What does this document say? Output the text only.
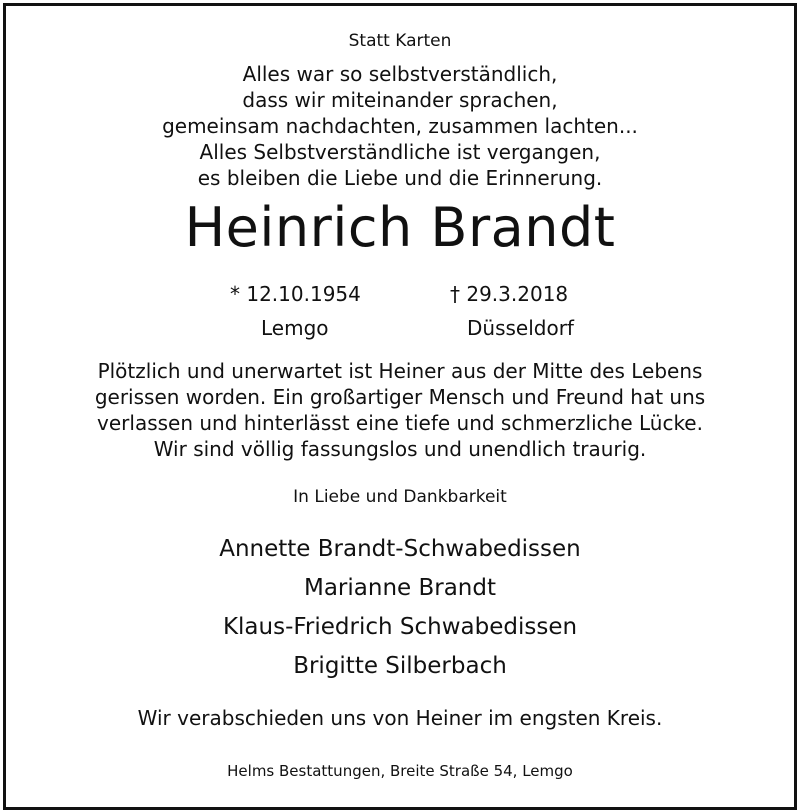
Statt Karten
Alles war so selbstverständlich,
dass wir miteinander sprachen,
gemeinsam nachdachten, zusammen lachten...
Alles Selbstverständliche ist vergangen,
es bleiben die Liebe und die Erinnerung.
Heinrich Brandt
* 12.10.1954
Lemgo
† 29.3.2018
Düsseldorf
Plötzlich und unerwartet ist Heiner aus der Mitte des Lebens
gerissen worden. Ein großartiger Mensch und Freund hat uns
verlassen und hinterlässt eine tiefe und schmerzliche Lücke.
Wir sind völlig fassungslos und unendlich traurig.
In Liebe und Dankbarkeit
Annette Brandt-Schwabedissen
Marianne Brandt
Klaus-Friedrich Schwabedissen
Brigitte Silberbach
Wir verabschieden uns von Heiner im engsten Kreis.
Helms Bestattungen, Breite Straße 54, Lemgo
